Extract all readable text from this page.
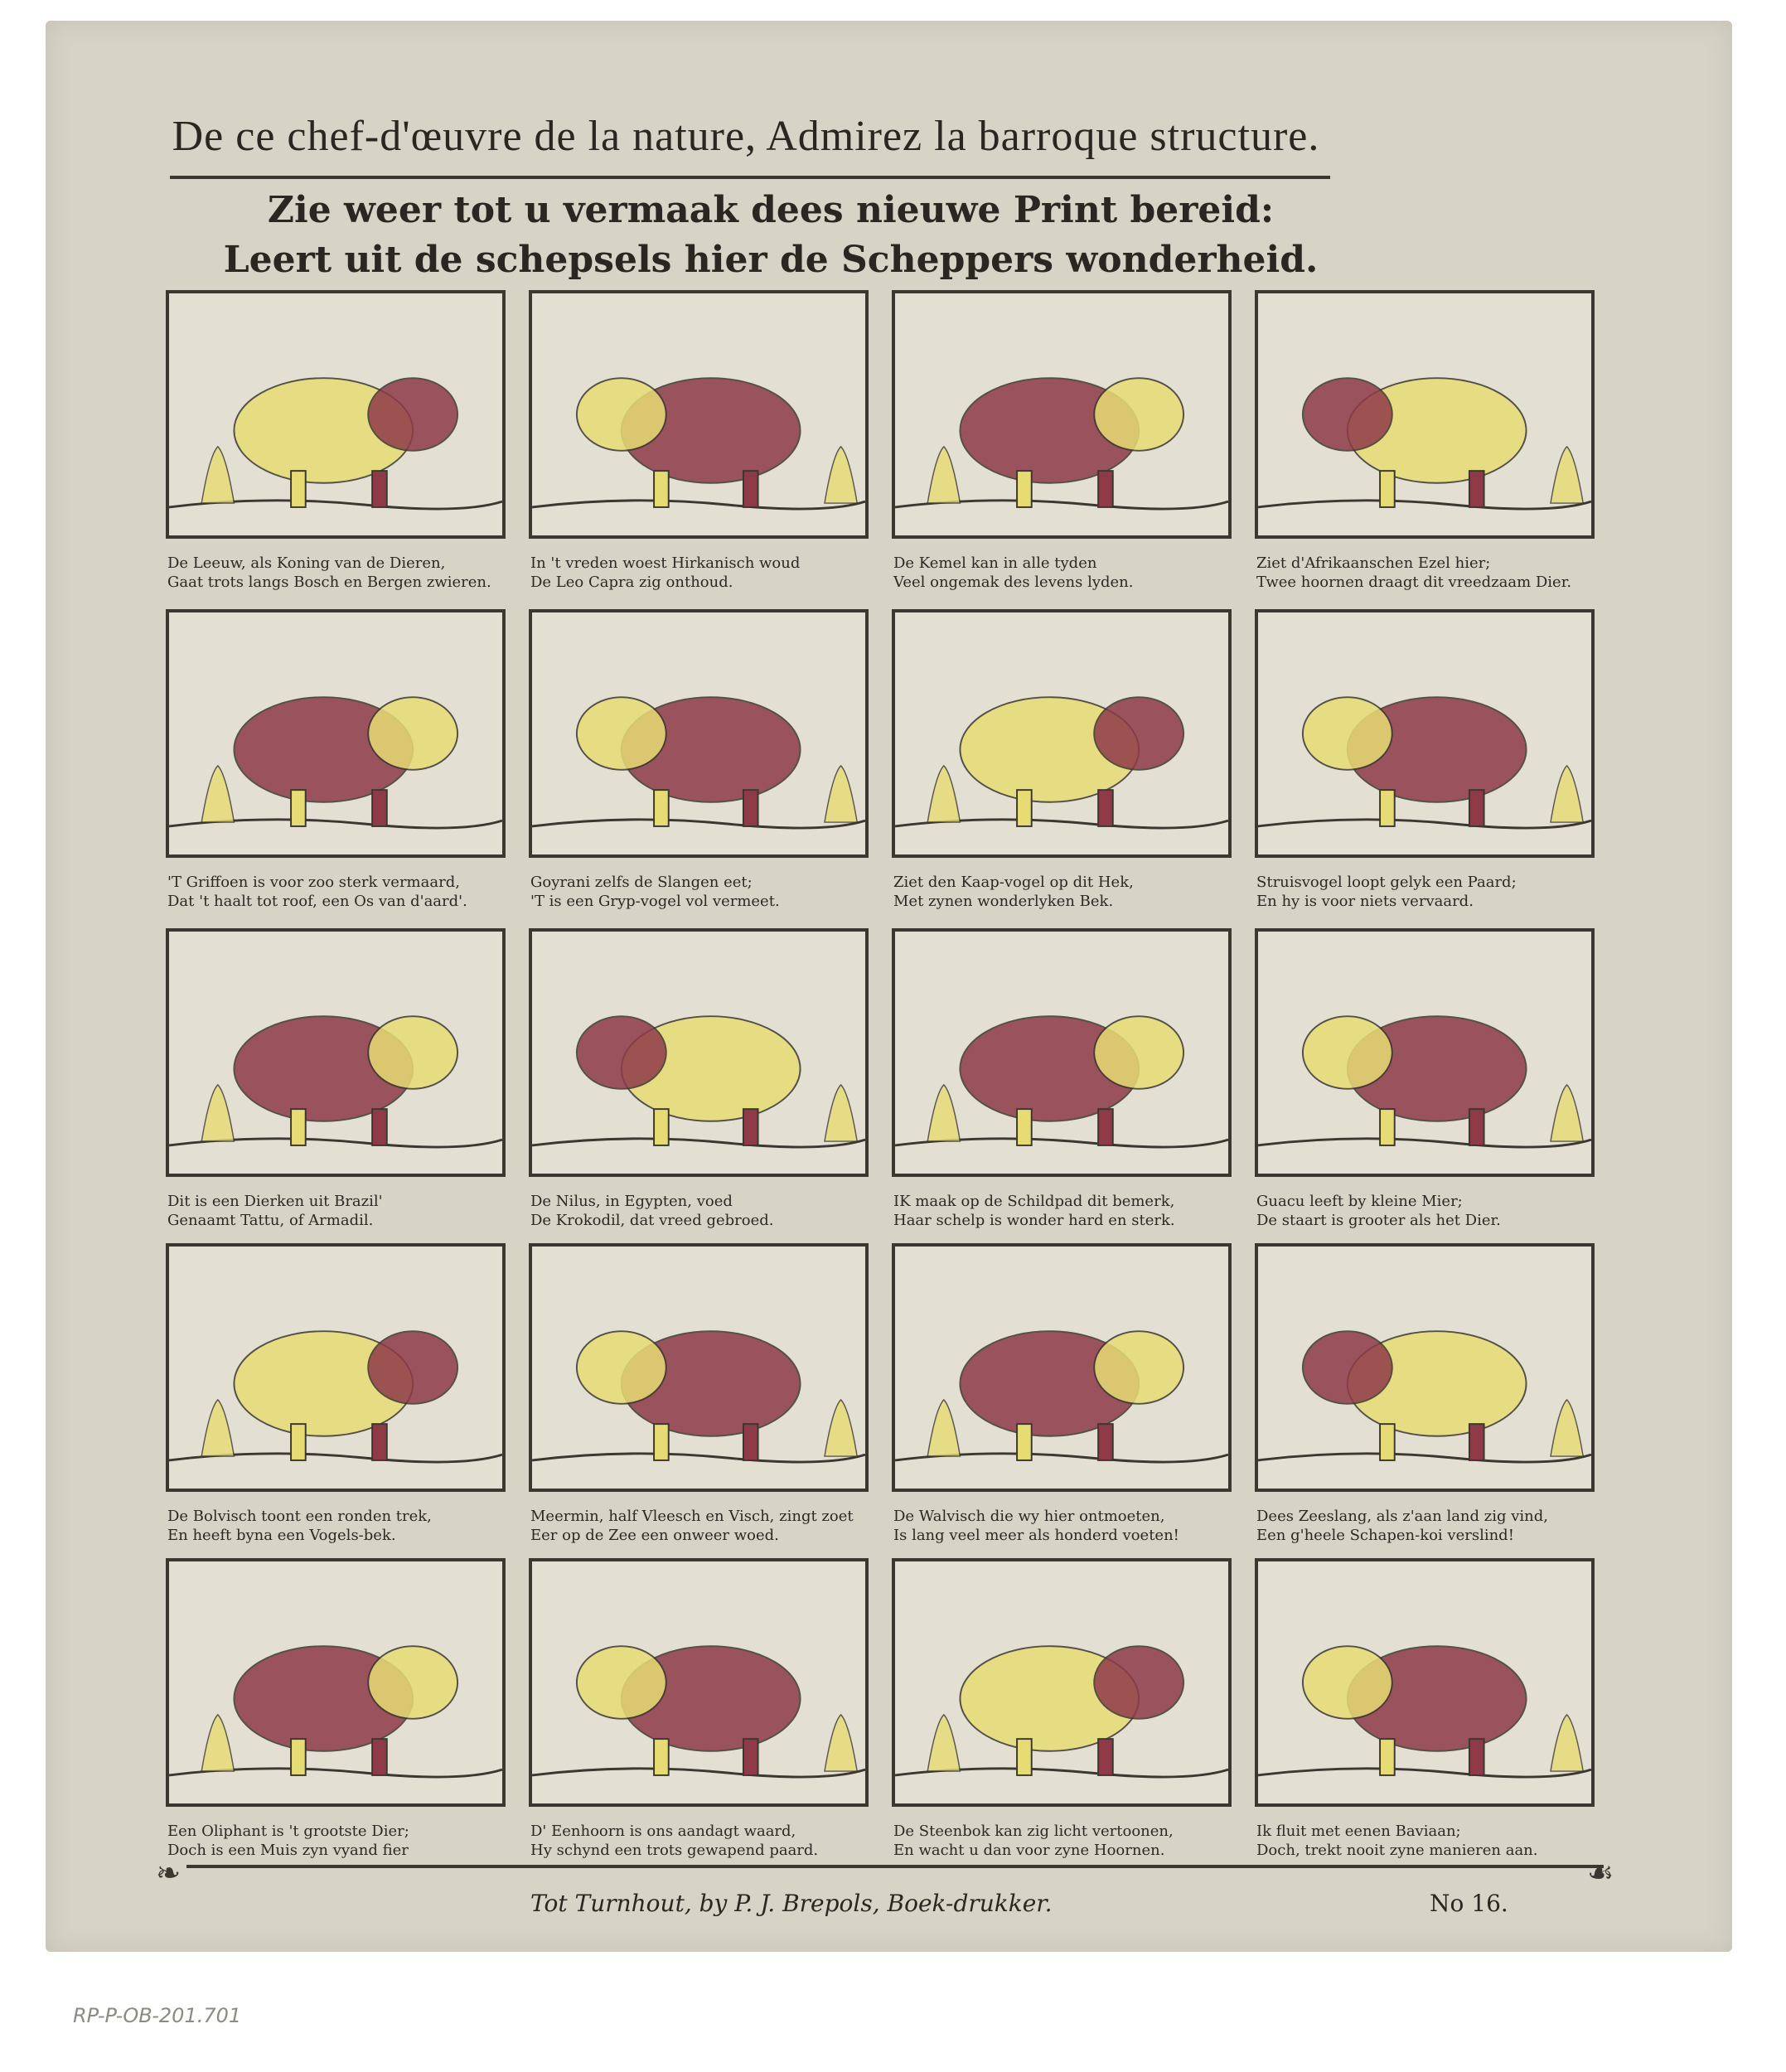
De ce chef-d'œuvre de la nature, Admirez la barroque structure.
Zie weer tot u vermaak dees nieuwe Print bereid:
Leert uit de schepsels hier de Scheppers wonderheid.
De Leeuw, als Koning van de Dieren,
Gaat trots langs Bosch en Bergen zwieren.
In 't vreden woest Hirkanisch woud
De Leo Capra zig onthoud.
De Kemel kan in alle tyden
Veel ongemak des levens lyden.
Ziet d'Afrikaanschen Ezel hier;
Twee hoornen draagt dit vreedzaam Dier.
'T Griffoen is voor zoo sterk vermaard,
Dat 't haalt tot roof, een Os van d'aard'.
Goyrani zelfs de Slangen eet;
'T is een Gryp-vogel vol vermeet.
Ziet den Kaap-vogel op dit Hek,
Met zynen wonderlyken Bek.
Struisvogel loopt gelyk een Paard;
En hy is voor niets vervaard.
Dit is een Dierken uit Brazil'
Genaamt Tattu, of Armadil.
De Nilus, in Egypten, voed
De Krokodil, dat vreed gebroed.
IK maak op de Schildpad dit bemerk,
Haar schelp is wonder hard en sterk.
Guacu leeft by kleine Mier;
De staart is grooter als het Dier.
De Bolvisch toont een ronden trek,
En heeft byna een Vogels-bek.
Meermin, half Vleesch en Visch, zingt zoet
Eer op de Zee een onweer woed.
De Walvisch die wy hier ontmoeten,
Is lang veel meer als honderd voeten!
Dees Zeeslang, als z'aan land zig vind,
Een g'heele Schapen-koi verslind!
Een Oliphant is 't grootste Dier;
Doch is een Muis zyn vyand fier
D' Eenhoorn is ons aandagt waard,
Hy schynd een trots gewapend paard.
De Steenbok kan zig licht vertoonen,
En wacht u dan voor zyne Hoornen.
Ik fluit met eenen Baviaan;
Doch, trekt nooit zyne manieren aan.
❧	☙
Tot Turnhout, by P. J. Brepols, Boek-drukker.	No 16.
RP-P-OB-201.701
